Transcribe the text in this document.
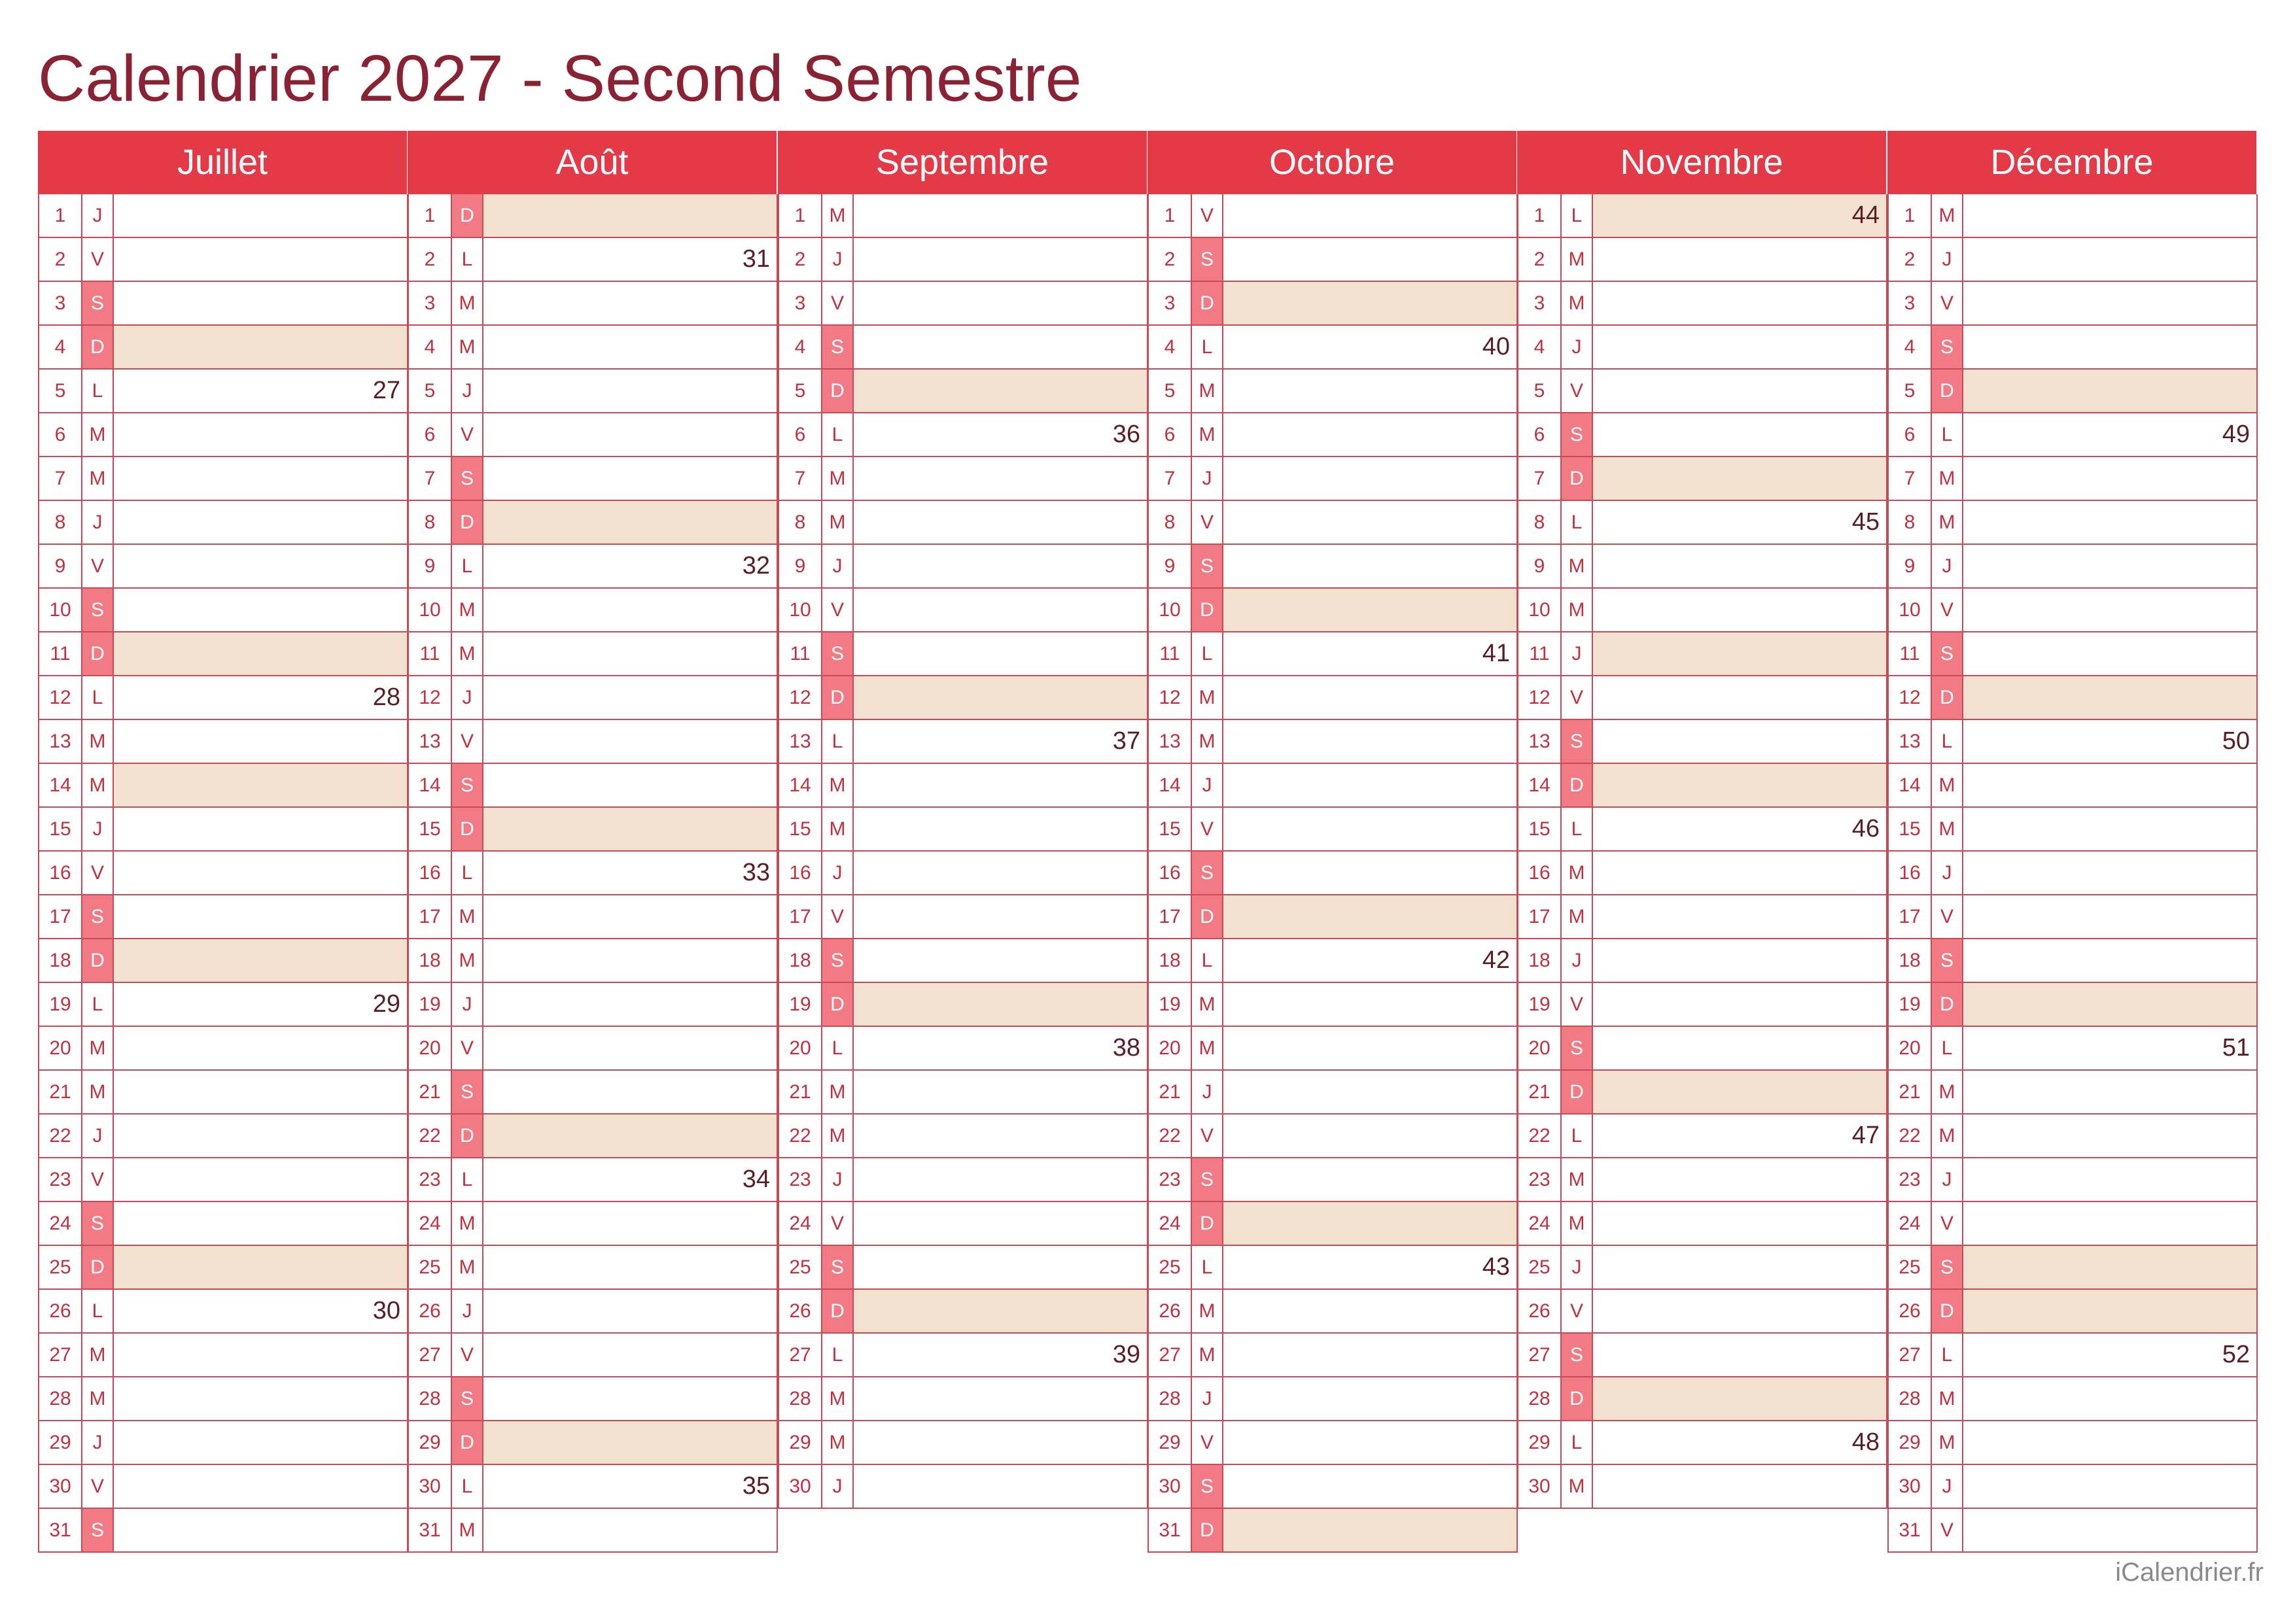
Calendrier 2027 - Second Semestre
Juillet
1	J
2	V
3	S
4	D
5	L	27
6	M
7	M
8	J
9	V
10	S
11	D
12	L	28
13 M
14 M
15	J
16	V
17	S
18 D
19	L	29
20 M
21 M
22	J
23	V
24	S
25 D
26	L	30
27 M
28 M
29	J
30	V
31	S
Août
1	D
2	L	31
3	M
4	M
5	J
6	V
7	S
8	D
9	L	32
10 M
11 M
12	J
13	V
14	S
15 D
16	L	33
17 M
18 M
19	J
20	V
21	S
22 D
23	L	34
24 M
25 M
26	J
27	V
28	S
29 D
30	L	35
31 M
Septembre
1	M
2	J
3	V
4	S
5	D
6	L	36
7	M
8	M
9	J
10	V
11	S
12 D
13	L	37
14 M
15 M
16	J
17	V
18	S
19 D
20	L	38
21 M
22 M
23	J
24	V
25	S
26 D
27	L	39
28 M
29 M
30	J
Octobre
1	V
2	S
3	D
4	L	40
5	M
6	M
7	J
8	V
9	S
10 D
11	L	41
12 M
13 M
14	J
15	V
16	S
17 D
18	L	42
19 M
20 M
21	J
22	V
23	S
24 D
25	L	43
26 M
27 M
28	J
29	V
30	S
31 D
Novembre
1	L	44
2	M
3	M
4	J
5	V
6	S
7	D
8	L	45
9	M
10 M
11	J
12	V
13	S
14 D
15	L	46
16 M
17 M
18	J
19	V
20	S
21 D
22	L	47
23 M
24 M
25	J
26	V
27	S
28 D
29	L	48
30 M
Décembre
1	M
2	J
3	V
4	S
5	D
6	L	49
7	M
8	M
9	J
10	V
11	S
12 D
13	L	50
14 M
15 M
16	J
17	V
18	S
19 D
20	L	51
21 M
22 M
23	J
24	V
25	S
26 D
27	L	52
28 M
29 M
30	J
31	V
iCalendrier.fr
